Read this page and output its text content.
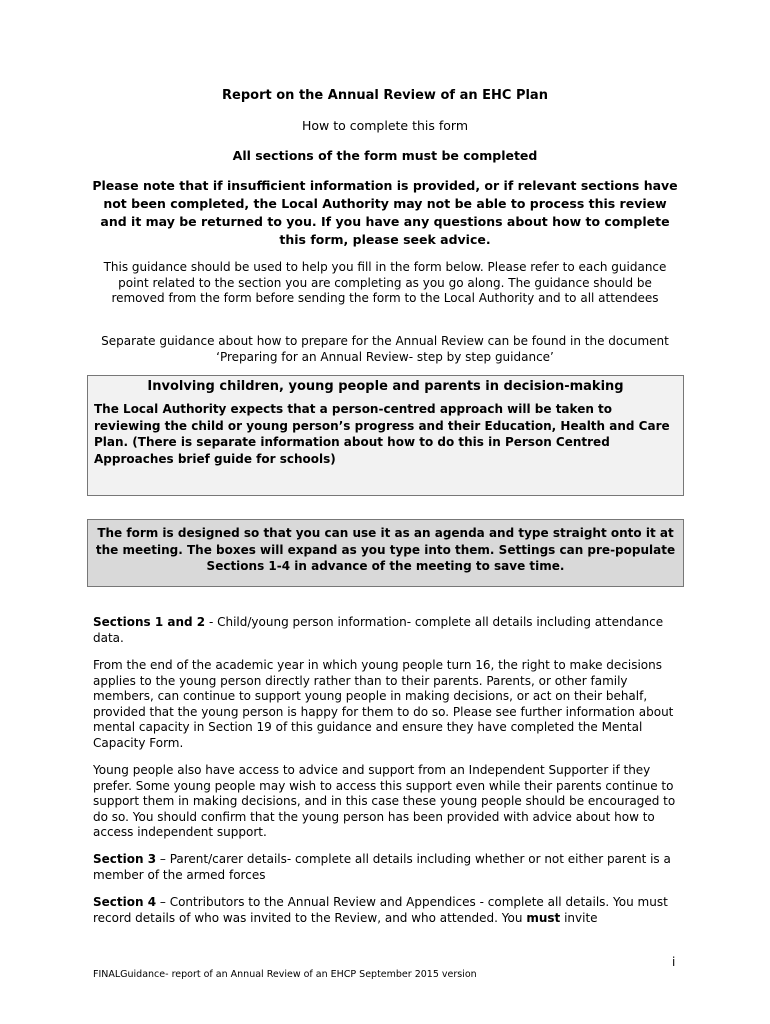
Report on the Annual Review of an EHC Plan
How to complete this form
All sections of the form must be completed
Please note that if insufficient information is provided, or if relevant sections have not been completed, the Local Authority may not be able to process this review and it may be returned to you. If you have any questions about how to complete this form, please seek advice.
This guidance should be used to help you fill in the form below. Please refer to each guidance point related to the section you are completing as you go along. The guidance should be removed from the form before sending the form to the Local Authority and to all attendees
Separate guidance about how to prepare for the Annual Review can be found in the document ‘Preparing for an Annual Review- step by step guidance’
Involving children, young people and parents in decision-making
The Local Authority expects that a person-centred approach will be taken to reviewing the child or young person’s progress and their Education, Health and Care Plan. (There is separate information about how to do this in Person Centred Approaches brief guide for schools)
The form is designed so that you can use it as an agenda and type straight onto it at the meeting. The boxes will expand as you type into them. Settings can pre-populate Sections 1-4 in advance of the meeting to save time.
Sections 1 and 2 - Child/young person information- complete all details including attendance data.
From the end of the academic year in which young people turn 16, the right to make decisions applies to the young person directly rather than to their parents. Parents, or other family members, can continue to support young people in making decisions, or act on their behalf, provided that the young person is happy for them to do so. Please see further information about mental capacity in Section 19 of this guidance and ensure they have completed the Mental Capacity Form.
Young people also have access to advice and support from an Independent Supporter if they prefer. Some young people may wish to access this support even while their parents continue to support them in making decisions, and in this case these young people should be encouraged to do so. You should confirm that the young person has been provided with advice about how to access independent support.
Section 3 – Parent/carer details- complete all details including whether or not either parent is a member of the armed forces
Section 4 – Contributors to the Annual Review and Appendices - complete all details. You must record details of who was invited to the Review, and who attended. You must invite
i
FINALGuidance- report of an Annual Review of an EHCP September 2015 version
